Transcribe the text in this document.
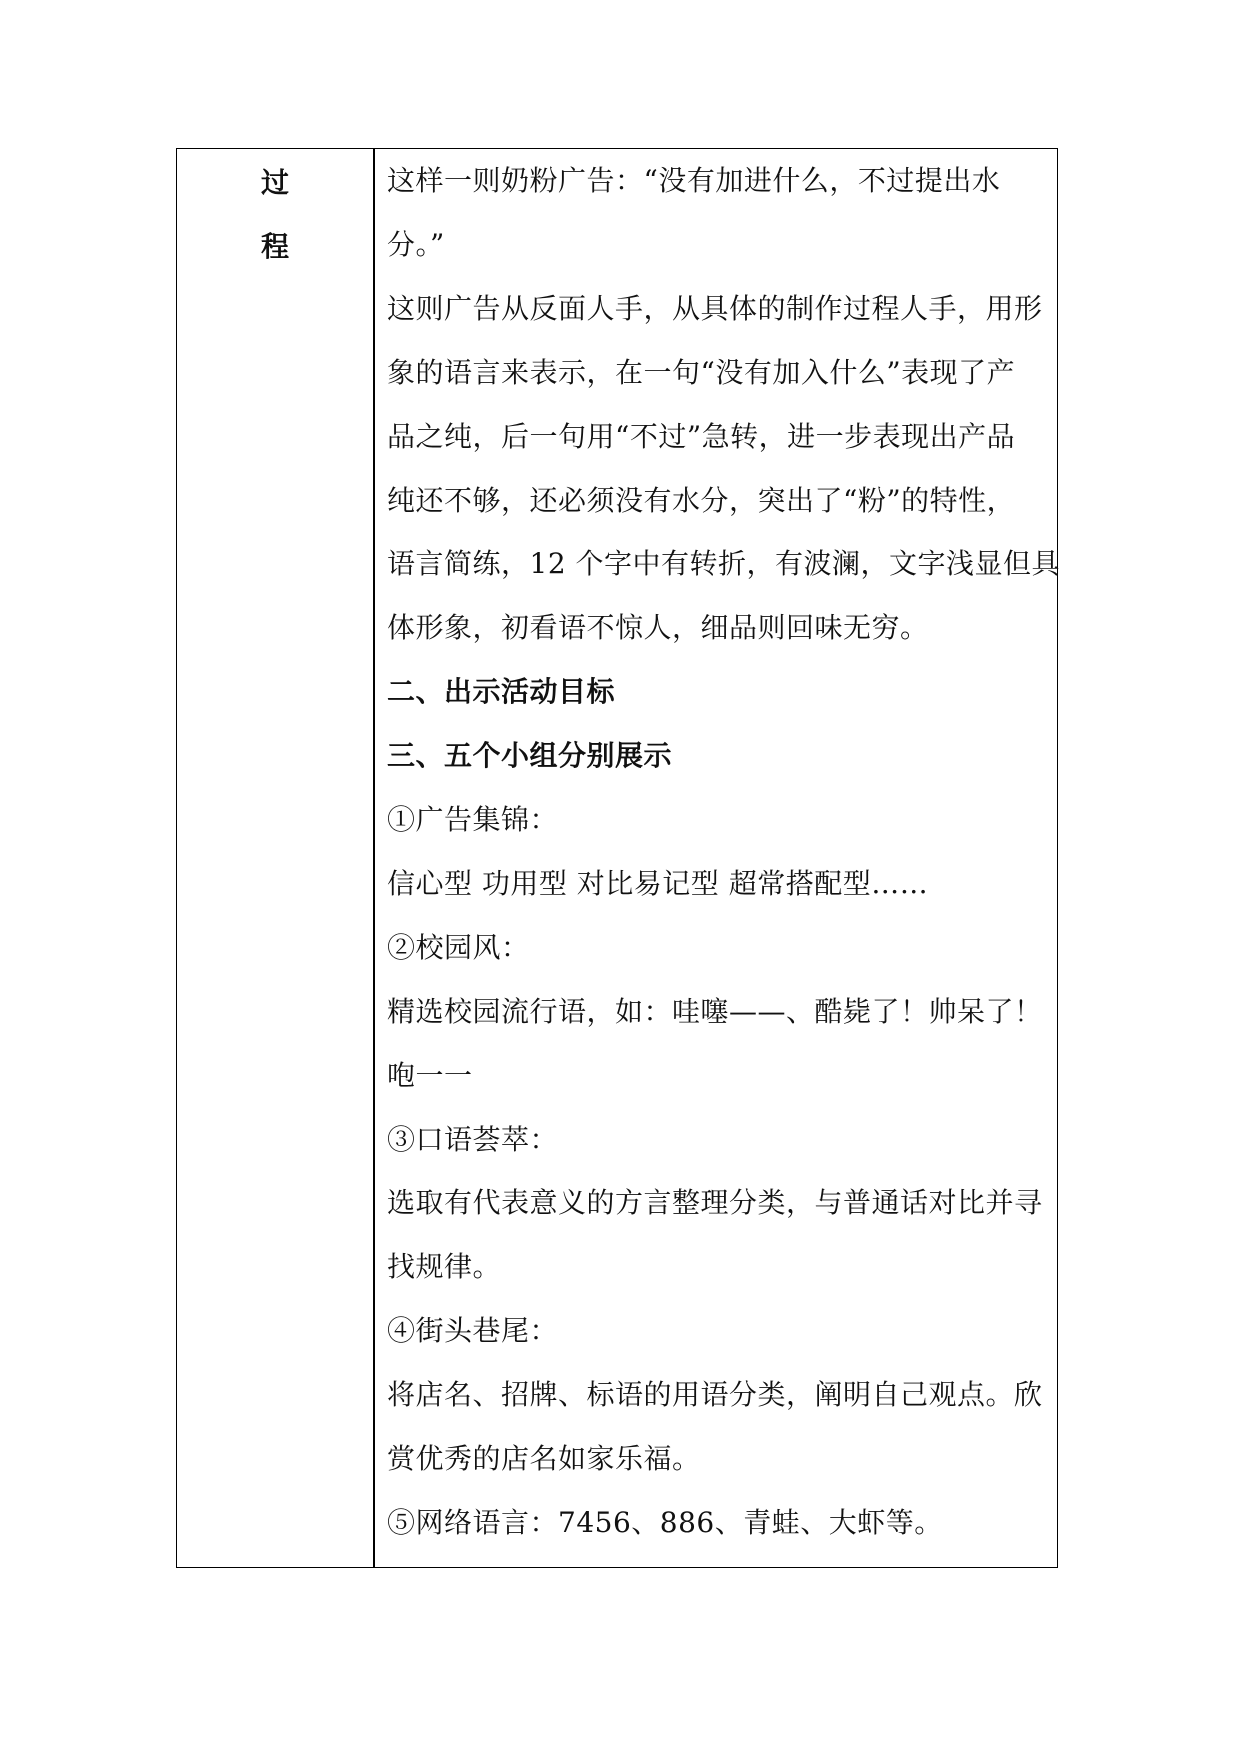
过
程
这样一则奶粉广告：“没有加进什么，不过提出水
分。”
这则广告从反面人手，从具体的制作过程人手，用形
象的语言来表示，在一句“没有加入什么”表现了产
品之纯，后一句用“不过”急转，进一步表现出产品
纯还不够，还必须没有水分，突出了“粉”的特性，
语言简练，12 个字中有转折，有波澜，文字浅显但具
体形象，初看语不惊人，细品则回味无穷。
二、出示活动目标
三、五个小组分别展示
①广告集锦：
信心型 功用型 对比易记型 超常搭配型……
②校园风：
精选校园流行语，如：哇噻——、酷毙了！帅呆了！
咆一一
③口语荟萃：
选取有代表意义的方言整理分类，与普通话对比并寻
找规律。
④街头巷尾：
将店名、招牌、标语的用语分类，阐明自己观点。欣
赏优秀的店名如家乐福。
⑤网络语言：7456、886、青蛙、大虾等。
